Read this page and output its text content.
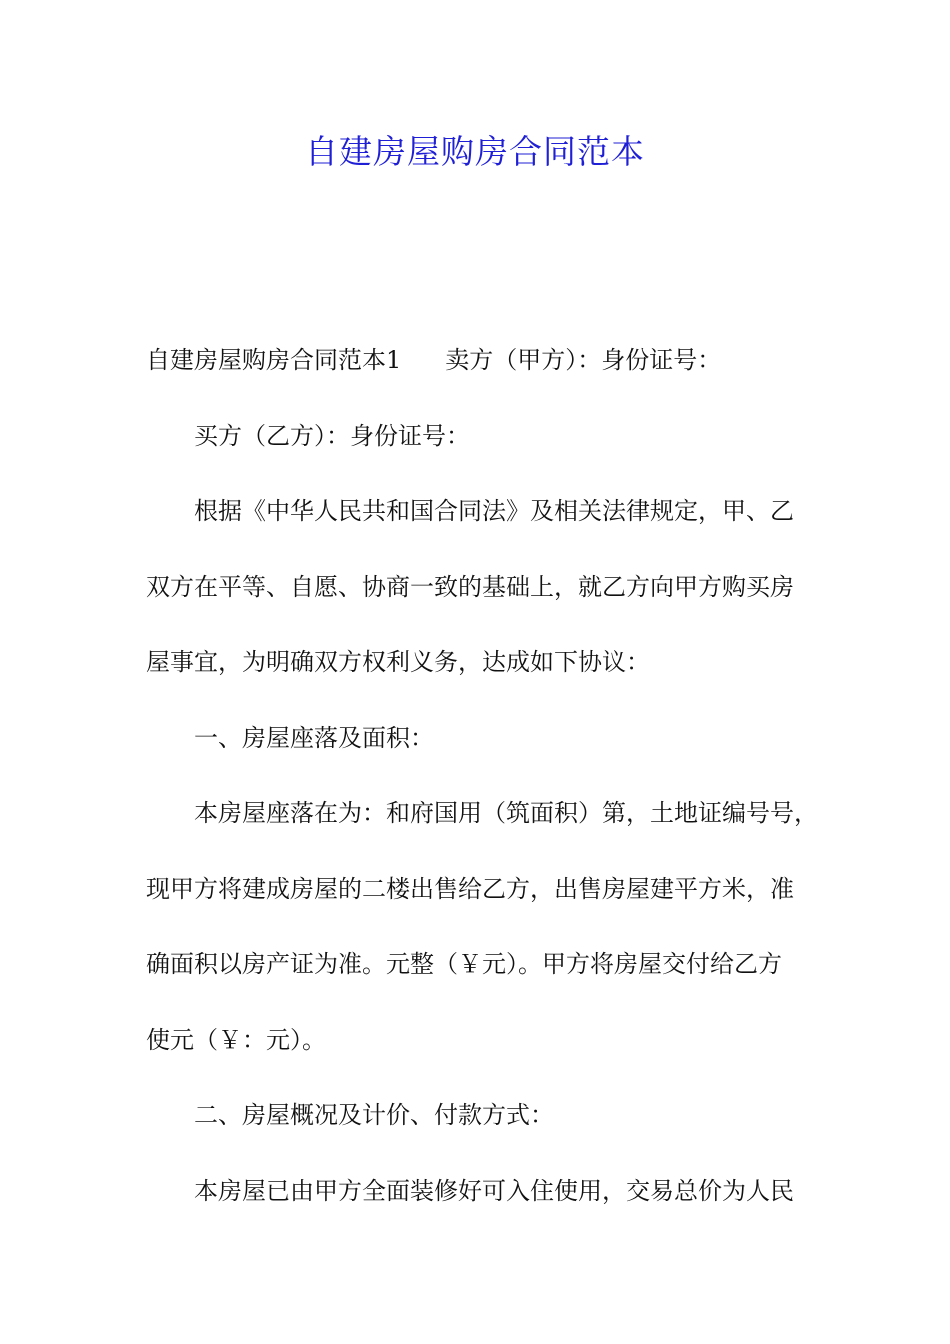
自建房屋购房合同范本
自建房屋购房合同范本1 卖方（甲方）：身份证号：
买方（乙方）：身份证号：
根据《中华人民共和国合同法》及相关法律规定，甲、乙
双方在平等、自愿、协商一致的基础上，就乙方向甲方购买房
屋事宜，为明确双方权利义务，达成如下协议：
一、房屋座落及面积：
本房屋座落在为：和府国用（筑面积）第，土地证编号号，
现甲方将建成房屋的二楼出售给乙方，出售房屋建平方米，准
确面积以房产证为准。元整（￥元）。甲方将房屋交付给乙方
使元（￥：元）。
二、房屋概况及计价、付款方式：
本房屋已由甲方全面装修好可入住使用，交易总价为人民
